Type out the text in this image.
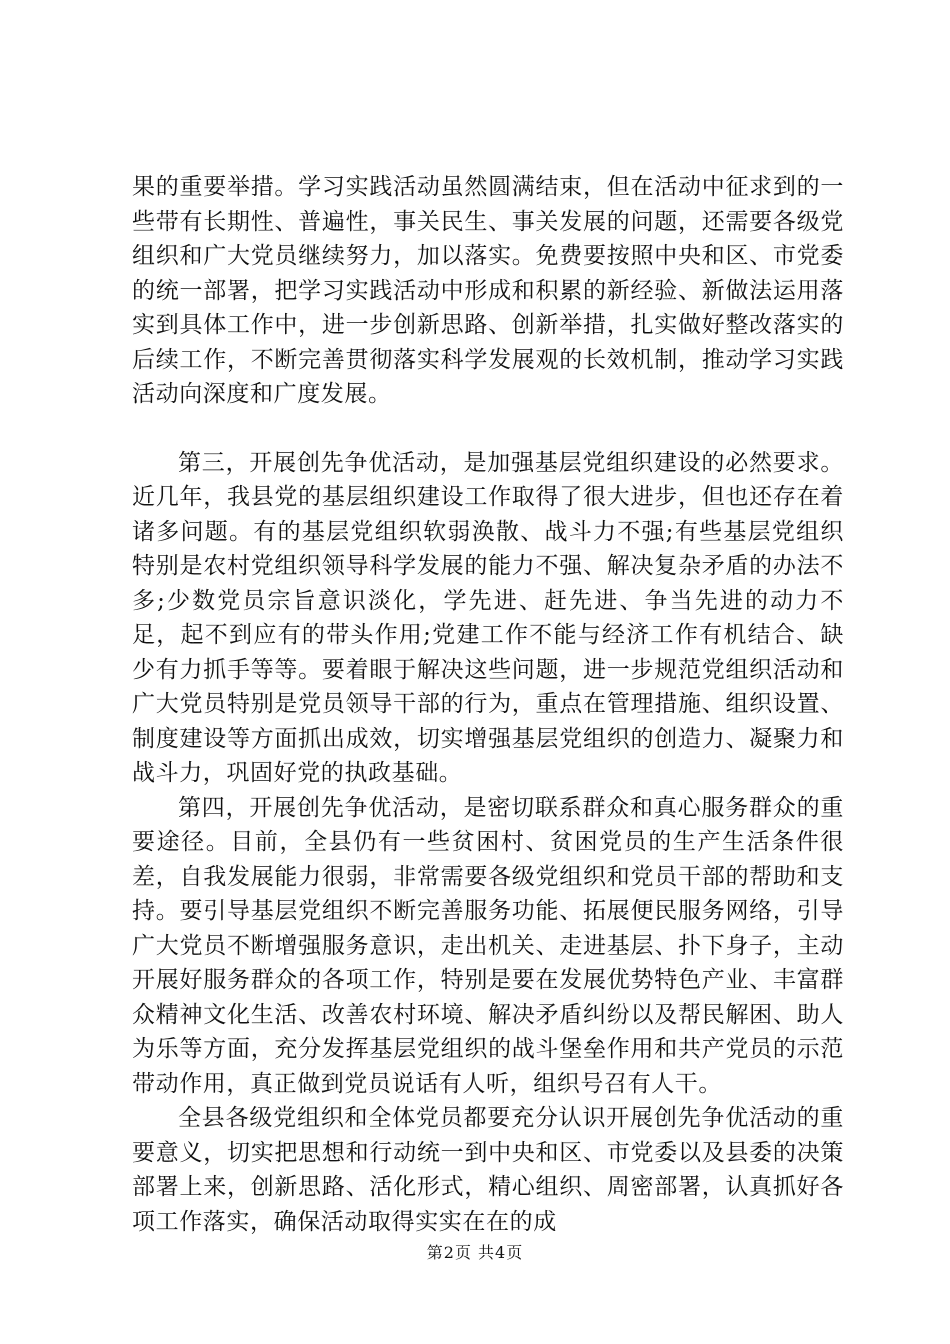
果的重要举措。学习实践活动虽然圆满结束，但在活动中征求到的一些带有长期性、普遍性，事关民生、事关发展的问题，还需要各级党组织和广大党员继续努力，加以落实。免费要按照中央和区、市党委的统一部署，把学习实践活动中形成和积累的新经验、新做法运用落实到具体工作中，进一步创新思路、创新举措，扎实做好整改落实的后续工作，不断完善贯彻落实科学发展观的长效机制，推动学习实践活动向深度和广度发展。

第三，开展创先争优活动，是加强基层党组织建设的必然要求。近几年，我县党的基层组织建设工作取得了很大进步，但也还存在着诸多问题。有的基层党组织软弱涣散、战斗力不强;有些基层党组织特别是农村党组织领导科学发展的能力不强、解决复杂矛盾的办法不多;少数党员宗旨意识淡化，学先进、赶先进、争当先进的动力不足，起不到应有的带头作用;党建工作不能与经济工作有机结合、缺少有力抓手等等。要着眼于解决这些问题，进一步规范党组织活动和广大党员特别是党员领导干部的行为，重点在管理措施、组织设置、制度建设等方面抓出成效，切实增强基层党组织的创造力、凝聚力和战斗力，巩固好党的执政基础。

第四，开展创先争优活动，是密切联系群众和真心服务群众的重要途径。目前，全县仍有一些贫困村、贫困党员的生产生活条件很差，自我发展能力很弱，非常需要各级党组织和党员干部的帮助和支持。要引导基层党组织不断完善服务功能、拓展便民服务网络，引导广大党员不断增强服务意识，走出机关、走进基层、扑下身子，主动开展好服务群众的各项工作，特别是要在发展优势特色产业、丰富群众精神文化生活、改善农村环境、解决矛盾纠纷以及帮民解困、助人为乐等方面，充分发挥基层党组织的战斗堡垒作用和共产党员的示范带动作用，真正做到党员说话有人听，组织号召有人干。

全县各级党组织和全体党员都要充分认识开展创先争优活动的重要意义，切实把思想和行动统一到中央和区、市党委以及县委的决策部署上来，创新思路、活化形式，精心组织、周密部署，认真抓好各项工作落实，确保活动取得实实在在的成

第2页 共4页
